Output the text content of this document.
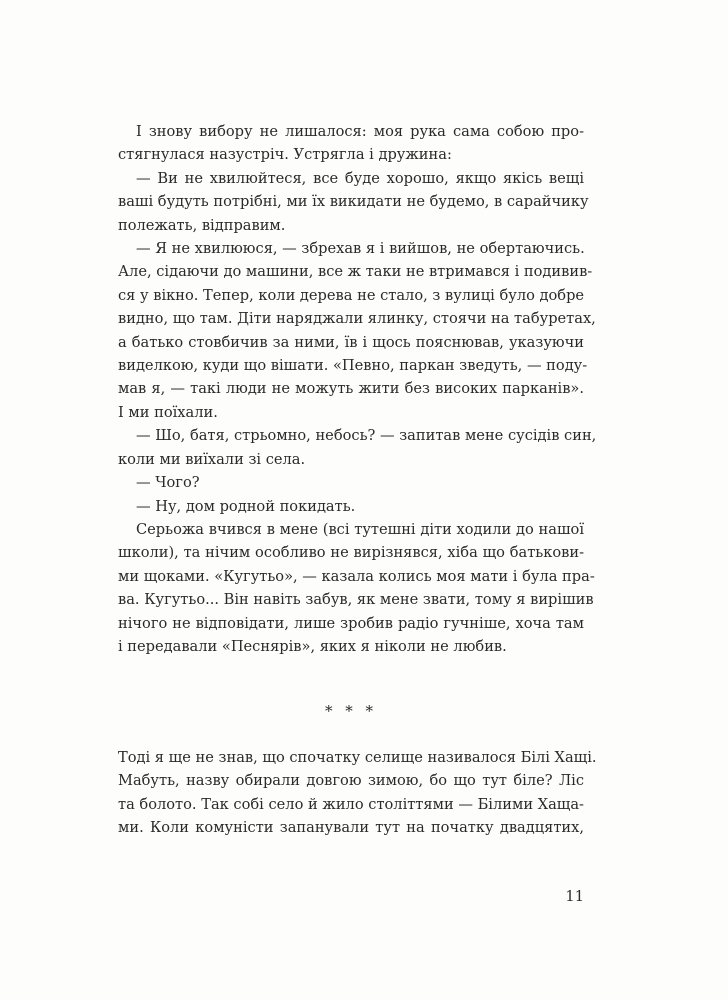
І знову вибору не лишалося: моя рука сама собою про-
стягнулася назустріч. Устрягла і дружина:
— Ви не хвилюйтеся, все буде хорошо, якщо якісь вещі
ваші будуть потрібні, ми їх викидати не будемо, в сарайчику
полежать, відправим.
— Я не хвилююся, — збрехав я і вийшов, не обертаючись.
Але, сідаючи до машини, все ж таки не втримався і подивив-
ся у вікно. Тепер, коли дерева не стало, з вулиці було добре
видно, що там. Діти наряджали ялинку, стоячи на табуретах,
а батько стовбичив за ними, їв і щось пояснював, указуючи
виделкою, куди що вішати. «Певно, паркан зведуть, — поду-
мав я, — такі люди не можуть жити без високих парканів».
І ми поїхали.
— Шо, батя, стрьомно, небось? — запитав мене сусідів син,
коли ми виїхали зі села.
— Чого?
— Ну, дом родной покидать.
Серьожа вчився в мене (всі тутешні діти ходили до нашої
школи), та нічим особливо не вирізнявся, хіба що батькови-
ми щоками. «Кугутьо», — казала колись моя мати і була пра-
ва. Кугутьо... Він навіть забув, як мене звати, тому я вирішив
нічого не відповідати, лише зробив радіо гучніше, хоча там
і передавали «Песнярів», яких я ніколи не любив.
* * *
Тоді я ще не знав, що спочатку селище називалося Білі Хащі.
Мабуть, назву обирали довгою зимою, бо що тут біле? Ліс
та болото. Так собі село й жило століттями — Білими Хаща-
ми. Коли комуністи запанували тут на початку двадцятих,
11
